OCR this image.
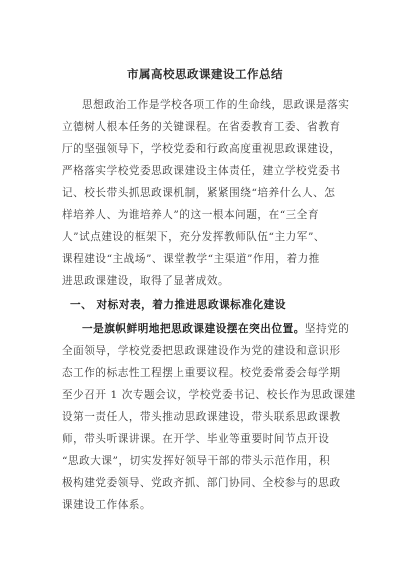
市属高校思政课建设工作总结
思想政治工作是学校各项工作的生命线，思政课是落实
立德树人根本任务的关键课程。在省委教育工委、省教育
厅的坚强领导下，学校党委和行政高度重视思政课建设，
严格落实学校党委思政课建设主体责任，建立学校党委书
记、校长带头抓思政课机制，紧紧围绕“培养什么人、怎
样培养人、为谁培养人”的这一根本问题，在“三全育
人”试点建设的框架下，充分发挥教师队伍“主力军”、
课程建设“主战场”、课堂教学“主渠道”作用，着力推
进思政课建设，取得了显著成效。
一、 对标对表，着力推进思政课标准化建设
一是旗帜鲜明地把思政课建设摆在突出位置。坚持党的
全面领导，学校党委把思政课建设作为党的建设和意识形
态工作的标志性工程摆上重要议程。校党委常委会每学期
至少召开 1 次专题会议，学校党委书记、校长作为思政课建
设第一责任人，带头推动思政课建设，带头联系思政课教
师，带头听课讲课。在开学、毕业等重要时间节点开设
“思政大课”，切实发挥好领导干部的带头示范作用，积
极构建党委领导、党政齐抓、部门协同、全校参与的思政
课建设工作体系。
